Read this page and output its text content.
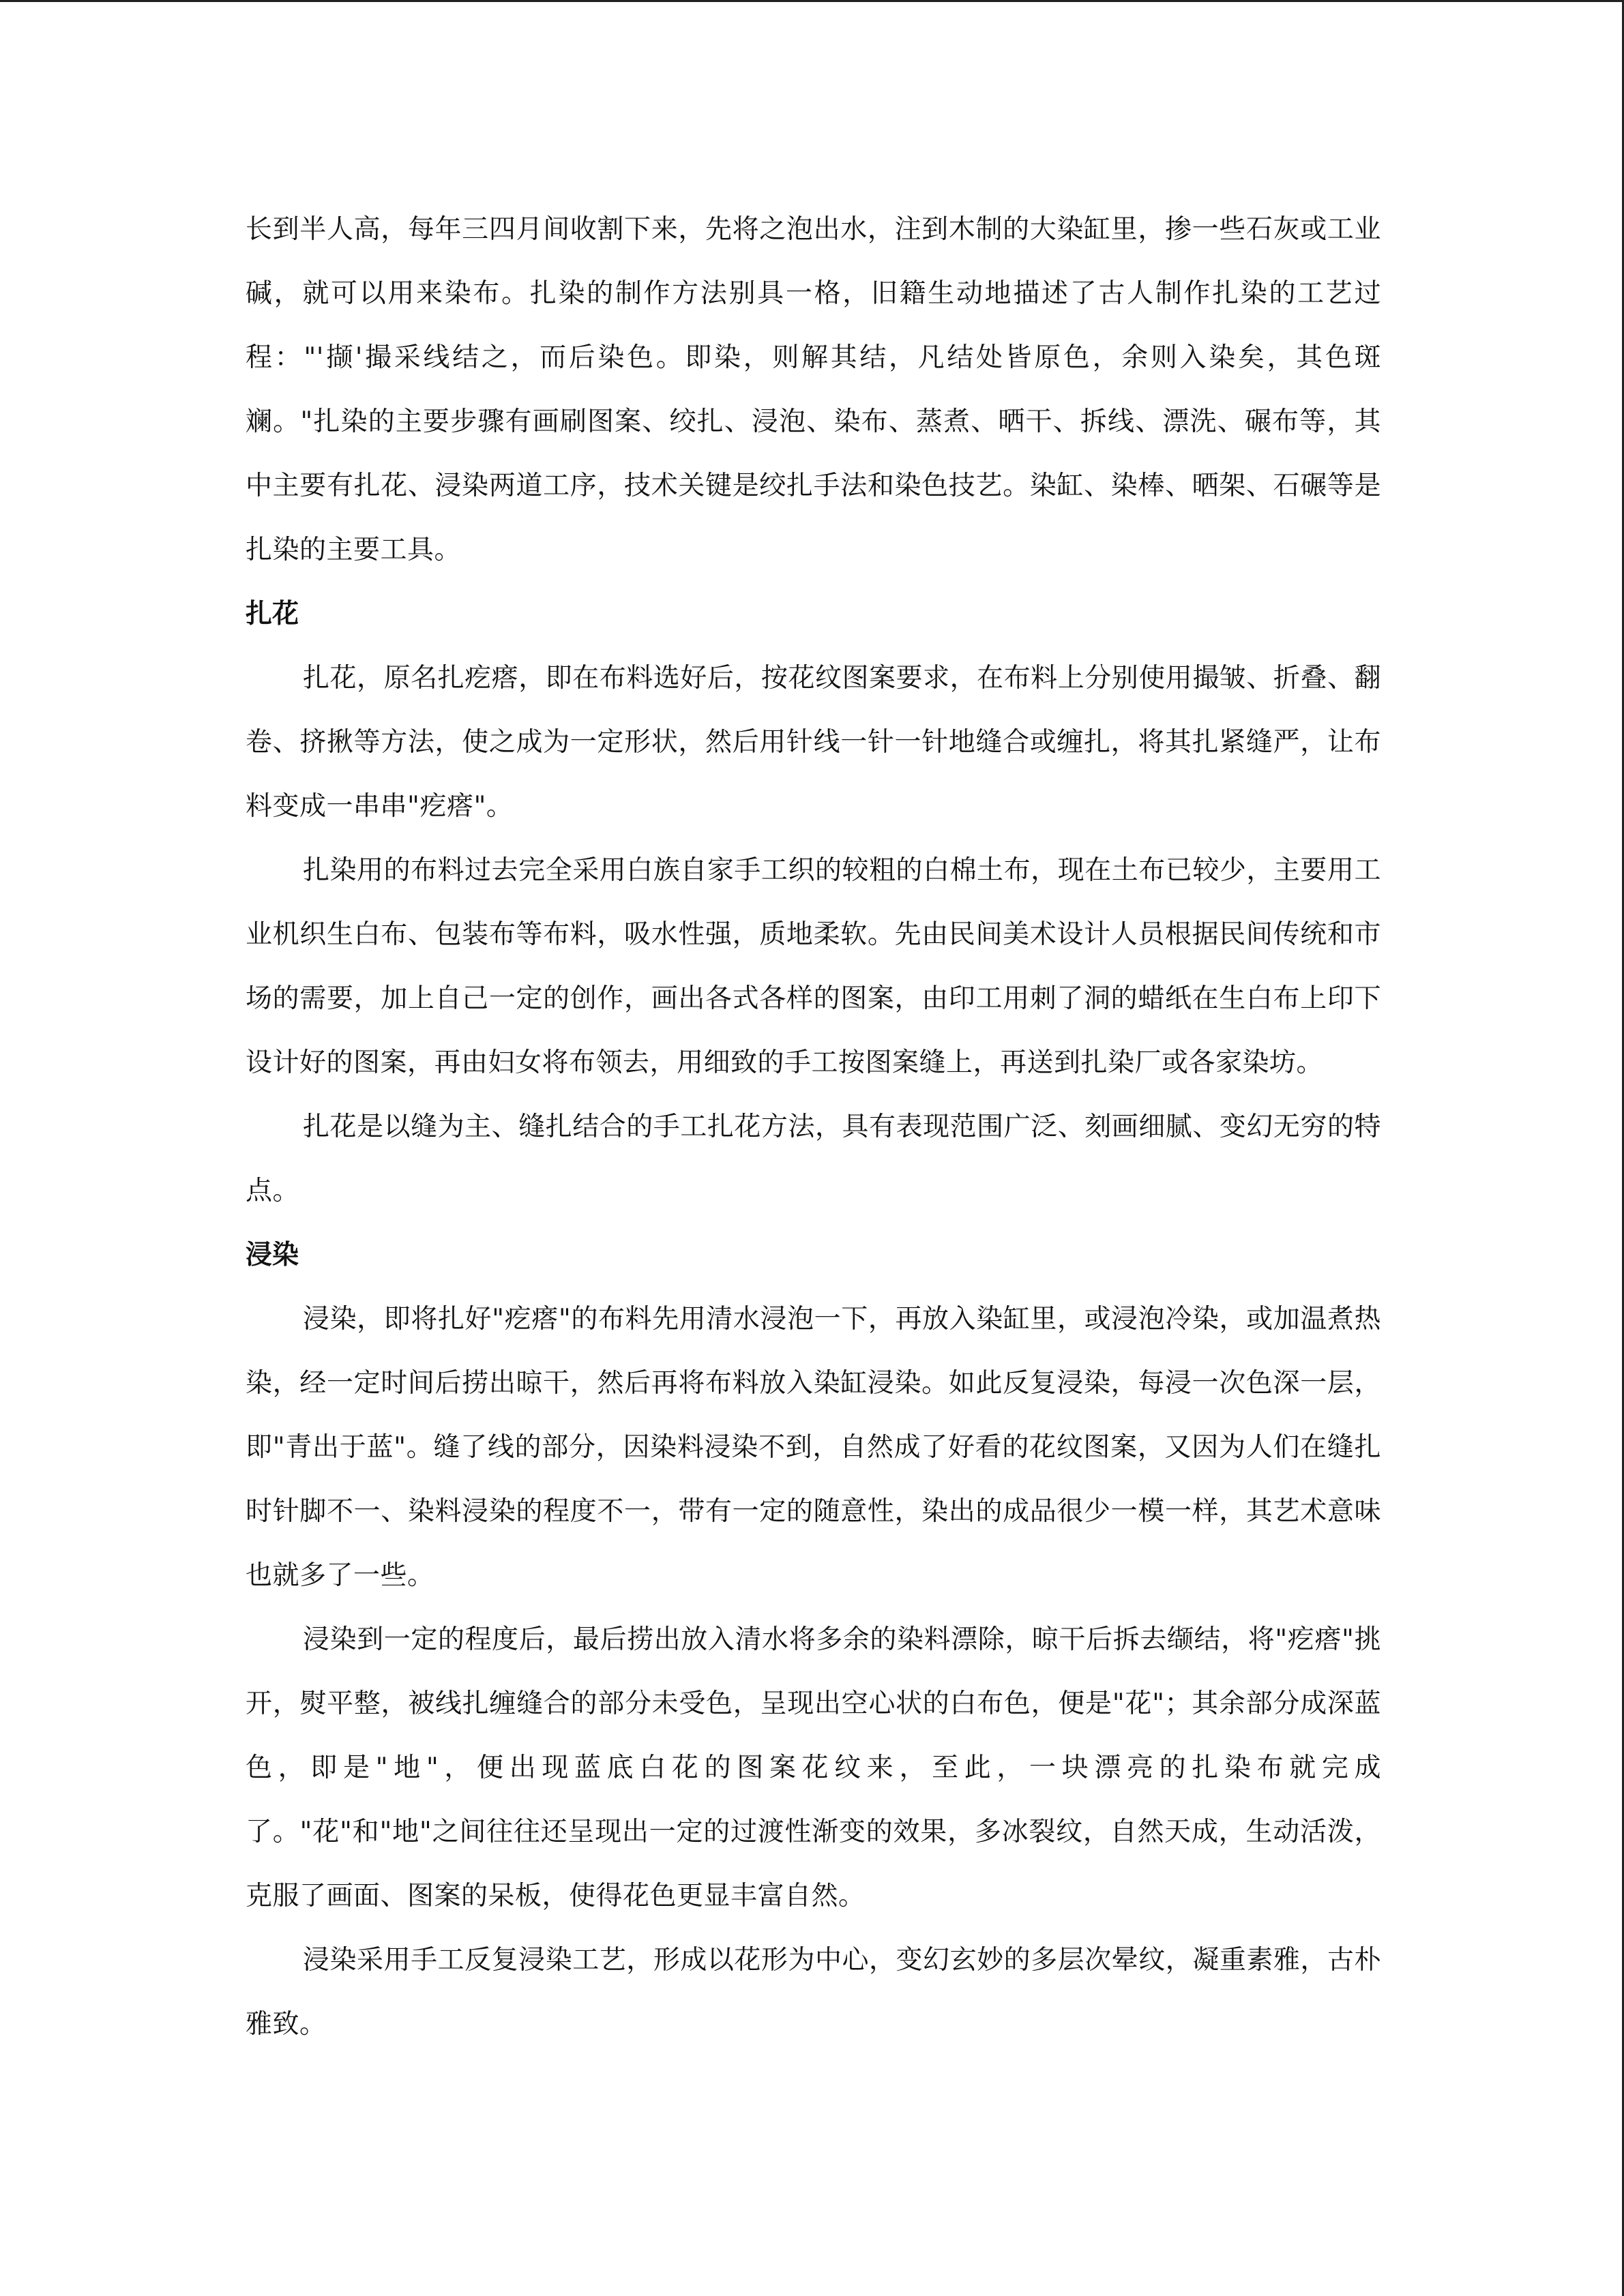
长到半人高，每年三四月间收割下来，先将之泡出水，注到木制的大染缸里，掺一些石灰或工业碱，就可以用来染布。扎染的制作方法别具一格，旧籍生动地描述了古人制作扎染的工艺过程："'撷'撮采线结之，而后染色。即染，则解其结，凡结处皆原色，余则入染矣，其色斑斓。"扎染的主要步骤有画刷图案、绞扎、浸泡、染布、蒸煮、晒干、拆线、漂洗、碾布等，其中主要有扎花、浸染两道工序，技术关键是绞扎手法和染色技艺。染缸、染棒、晒架、石碾等是扎染的主要工具。

扎花

扎花，原名扎疙瘩，即在布料选好后，按花纹图案要求，在布料上分别使用撮皱、折叠、翻卷、挤揪等方法，使之成为一定形状，然后用针线一针一针地缝合或缠扎，将其扎紧缝严，让布料变成一串串"疙瘩"。

扎染用的布料过去完全采用白族自家手工织的较粗的白棉土布，现在土布已较少，主要用工业机织生白布、包装布等布料，吸水性强，质地柔软。先由民间美术设计人员根据民间传统和市场的需要，加上自己一定的创作，画出各式各样的图案，由印工用刺了洞的蜡纸在生白布上印下设计好的图案，再由妇女将布领去，用细致的手工按图案缝上，再送到扎染厂或各家染坊。

扎花是以缝为主、缝扎结合的手工扎花方法，具有表现范围广泛、刻画细腻、变幻无穷的特点。

浸染

浸染，即将扎好"疙瘩"的布料先用清水浸泡一下，再放入染缸里，或浸泡冷染，或加温煮热染，经一定时间后捞出晾干，然后再将布料放入染缸浸染。如此反复浸染，每浸一次色深一层，即"青出于蓝"。缝了线的部分，因染料浸染不到，自然成了好看的花纹图案，又因为人们在缝扎时针脚不一、染料浸染的程度不一，带有一定的随意性，染出的成品很少一模一样，其艺术意味也就多了一些。

浸染到一定的程度后，最后捞出放入清水将多余的染料漂除，晾干后拆去缬结，将"疙瘩"挑开，熨平整，被线扎缠缝合的部分未受色，呈现出空心状的白布色，便是"花"；其余部分成深蓝色，即是"地"，便出现蓝底白花的图案花纹来，至此，一块漂亮的扎染布就完成了。"花"和"地"之间往往还呈现出一定的过渡性渐变的效果，多冰裂纹，自然天成，生动活泼，克服了画面、图案的呆板，使得花色更显丰富自然。

浸染采用手工反复浸染工艺，形成以花形为中心，变幻玄妙的多层次晕纹，凝重素雅，古朴雅致。
